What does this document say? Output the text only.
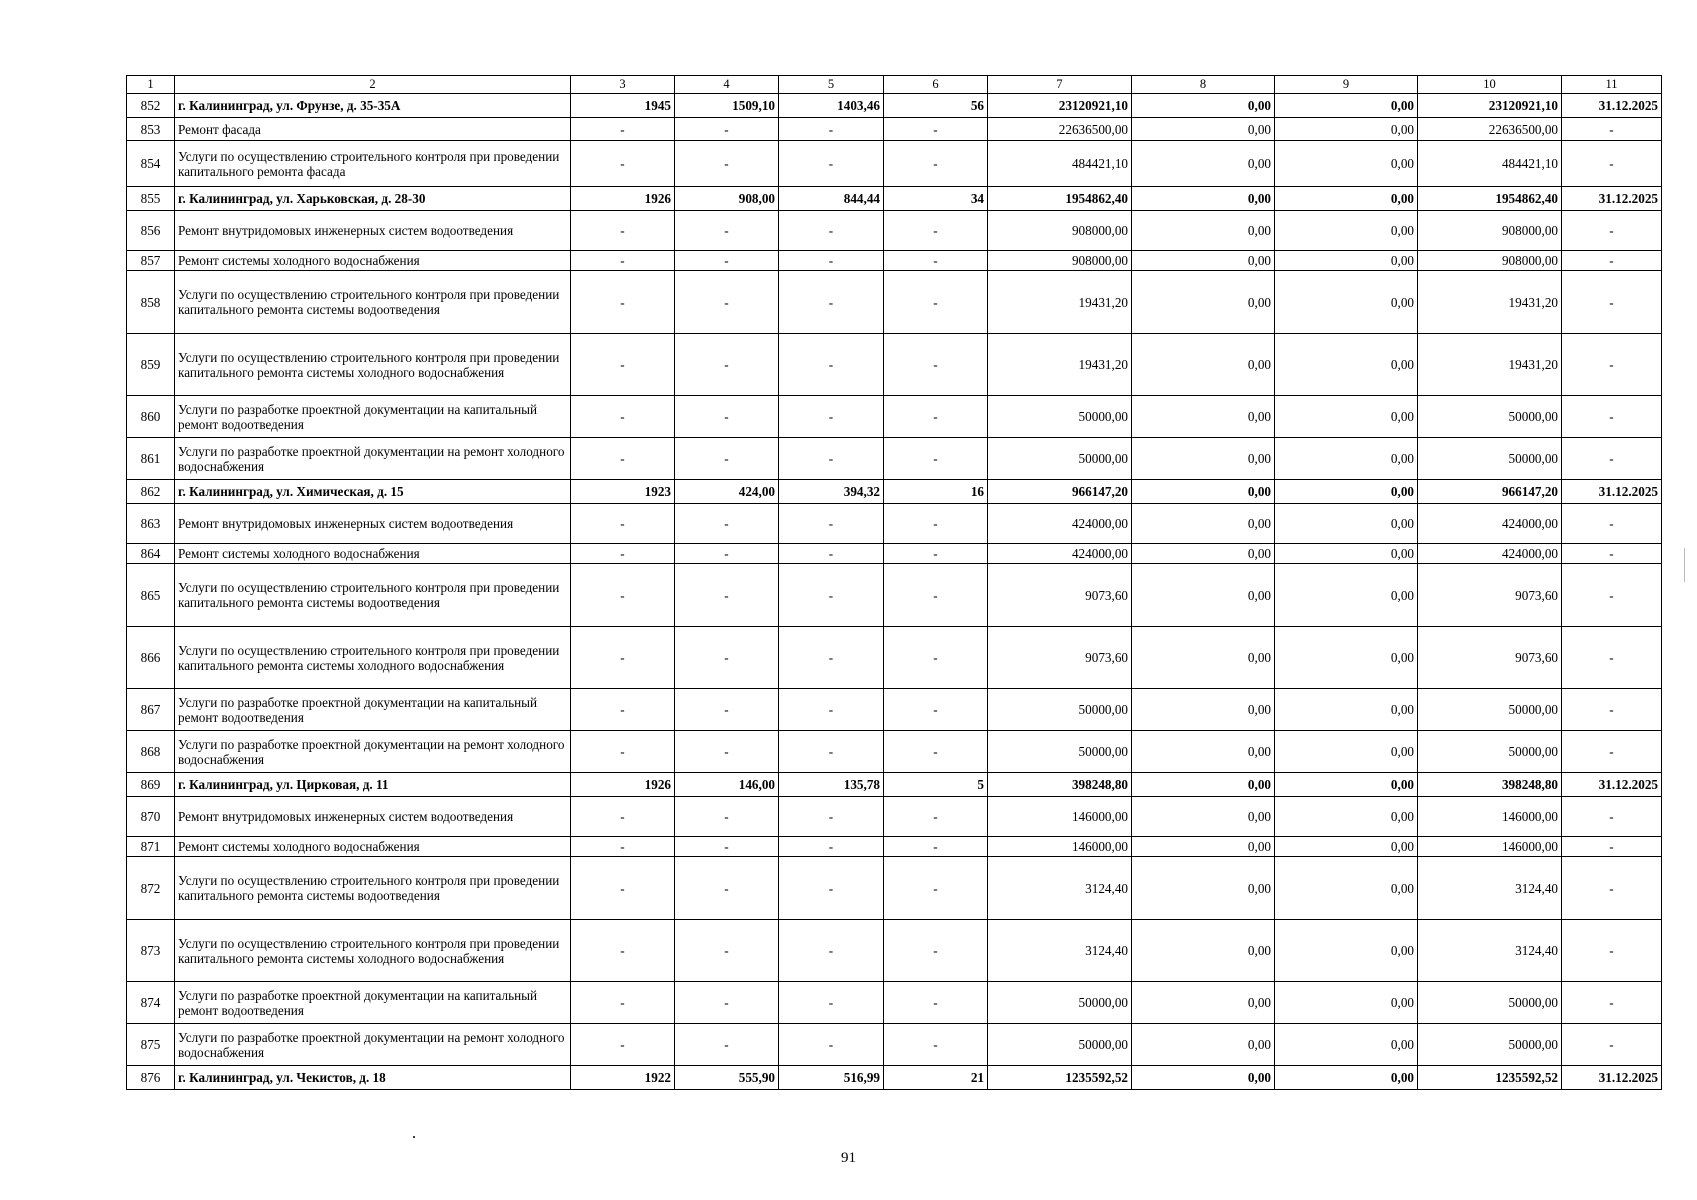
1	2	3	4	5	6	7	8	9	10	11
852	г. Калининград, ул. Фрунзе, д. 35-35А	1945	1509,10	1403,46	56	23120921,10	0,00	0,00	23120921,10	31.12.2025
853	Ремонт фасада	-	-	-	-	22636500,00	0,00	0,00	22636500,00	-
854	Услуги по осуществлению строительного контроля при проведении капитального ремонта фасада	-	-	-	-	484421,10	0,00	0,00	484421,10	-
855	г. Калининград, ул. Харьковская, д. 28-30	1926	908,00	844,44	34	1954862,40	0,00	0,00	1954862,40	31.12.2025
856	Ремонт внутридомовых инженерных систем водоотведения	-	-	-	-	908000,00	0,00	0,00	908000,00	-
857	Ремонт системы холодного водоснабжения	-	-	-	-	908000,00	0,00	0,00	908000,00	-
858	Услуги по осуществлению строительного контроля при проведении капитального ремонта системы водоотведения	-	-	-	-	19431,20	0,00	0,00	19431,20	-
859	Услуги по осуществлению строительного контроля при проведении капитального ремонта системы холодного водоснабжения	-	-	-	-	19431,20	0,00	0,00	19431,20	-
860	Услуги по разработке проектной документации на капитальный ремонт водоотведения	-	-	-	-	50000,00	0,00	0,00	50000,00	-
861	Услуги по разработке проектной документации на ремонт холодного водоснабжения	-	-	-	-	50000,00	0,00	0,00	50000,00	-
862	г. Калининград, ул. Химическая, д. 15	1923	424,00	394,32	16	966147,20	0,00	0,00	966147,20	31.12.2025
863	Ремонт внутридомовых инженерных систем водоотведения	-	-	-	-	424000,00	0,00	0,00	424000,00	-
864	Ремонт системы холодного водоснабжения	-	-	-	-	424000,00	0,00	0,00	424000,00	-
865	Услуги по осуществлению строительного контроля при проведении капитального ремонта системы водоотведения	-	-	-	-	9073,60	0,00	0,00	9073,60	-
866	Услуги по осуществлению строительного контроля при проведении капитального ремонта системы холодного водоснабжения	-	-	-	-	9073,60	0,00	0,00	9073,60	-
867	Услуги по разработке проектной документации на капитальный ремонт водоотведения	-	-	-	-	50000,00	0,00	0,00	50000,00	-
868	Услуги по разработке проектной документации на ремонт холодного водоснабжения	-	-	-	-	50000,00	0,00	0,00	50000,00	-
869	г. Калининград, ул. Цирковая, д. 11	1926	146,00	135,78	5	398248,80	0,00	0,00	398248,80	31.12.2025
870	Ремонт внутридомовых инженерных систем водоотведения	-	-	-	-	146000,00	0,00	0,00	146000,00	-
871	Ремонт системы холодного водоснабжения	-	-	-	-	146000,00	0,00	0,00	146000,00	-
872	Услуги по осуществлению строительного контроля при проведении капитального ремонта системы водоотведения	-	-	-	-	3124,40	0,00	0,00	3124,40	-
873	Услуги по осуществлению строительного контроля при проведении капитального ремонта системы холодного водоснабжения	-	-	-	-	3124,40	0,00	0,00	3124,40	-
874	Услуги по разработке проектной документации на капитальный ремонт водоотведения	-	-	-	-	50000,00	0,00	0,00	50000,00	-
875	Услуги по разработке проектной документации на ремонт холодного водоснабжения	-	-	-	-	50000,00	0,00	0,00	50000,00	-
876	г. Калининград, ул. Чекистов, д. 18	1922	555,90	516,99	21	1235592,52	0,00	0,00	1235592,52	31.12.2025
91
